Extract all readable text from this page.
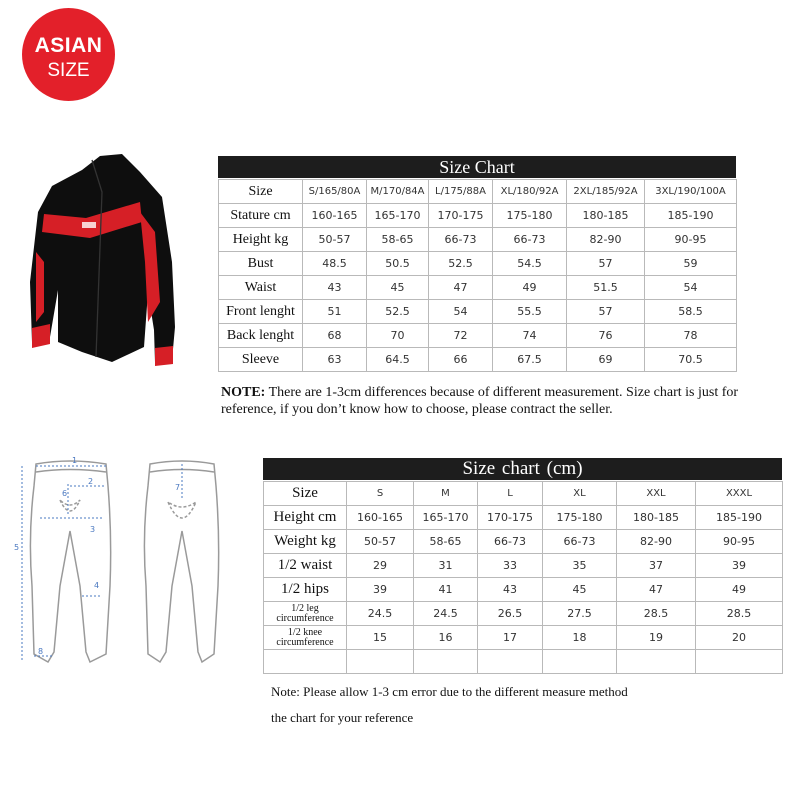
ASIAN
SIZE
Size Chart
Size	S/165/80A	M/170/84A	L/175/88A	XL/180/92A	2XL/185/92A	3XL/190/100A
Stature cm	160-165	165-170	170-175	175-180	180-185	185-190
Height kg	50-57	58-65	66-73	66-73	82-90	90-95
Bust	48.5	50.5	52.5	54.5	57	59
Waist	43	45	47	49	51.5	54
Front lenght	51	52.5	54	55.5	57	58.5
Back lenght	68	70	72	74	76	78
Sleeve	63	64.5	66	67.5	69	70.5
NOTE: There are 1-3cm differences because of different measurement. Size chart is just for reference, if you don’t know how to choose, please contract the seller.
1
2
3
4
5
6
8
7
Size chart (cm)
Size	S	M	L	XL	XXL	XXXL
Height cm	160-165	165-170	170-175	175-180	180-185	185-190
Weight kg	50-57	58-65	66-73	66-73	82-90	90-95
1/2 waist	29	31	33	35	37	39
1/2 hips	39	41	43	45	47	49
1/2 leg
circumference	24.5	24.5	26.5	27.5	28.5	28.5
1/2 knee
circumference	15	16	17	18	19	20

Note: Please allow 1-3 cm error due to the different measure method
the chart for your reference
